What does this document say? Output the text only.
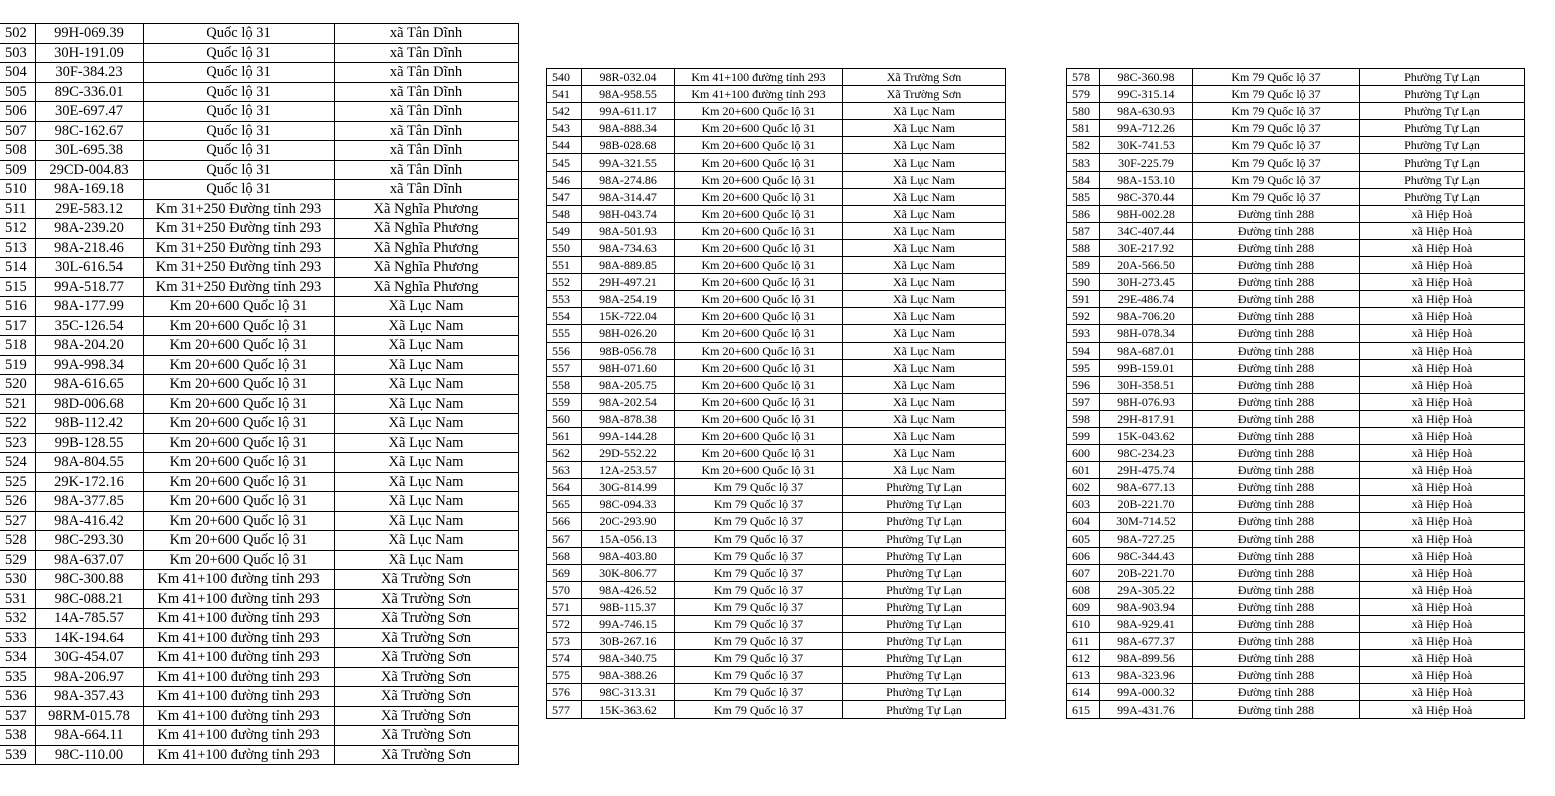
502	99H-069.39	Quốc lộ 31	xã Tân Dĩnh
503	30H-191.09	Quốc lộ 31	xã Tân Dĩnh
504	30F-384.23	Quốc lộ 31	xã Tân Dĩnh
505	89C-336.01	Quốc lộ 31	xã Tân Dĩnh
506	30E-697.47	Quốc lộ 31	xã Tân Dĩnh
507	98C-162.67	Quốc lộ 31	xã Tân Dĩnh
508	30L-695.38	Quốc lộ 31	xã Tân Dĩnh
509	29CD-004.83	Quốc lộ 31	xã Tân Dĩnh
510	98A-169.18	Quốc lộ 31	xã Tân Dĩnh
511	29E-583.12	Km 31+250 Đường tỉnh 293	Xã Nghĩa Phương
512	98A-239.20	Km 31+250 Đường tỉnh 293	Xã Nghĩa Phương
513	98A-218.46	Km 31+250 Đường tỉnh 293	Xã Nghĩa Phương
514	30L-616.54	Km 31+250 Đường tỉnh 293	Xã Nghĩa Phương
515	99A-518.77	Km 31+250 Đường tỉnh 293	Xã Nghĩa Phương
516	98A-177.99	Km 20+600 Quốc lộ 31	Xã Lục Nam
517	35C-126.54	Km 20+600 Quốc lộ 31	Xã Lục Nam
518	98A-204.20	Km 20+600 Quốc lộ 31	Xã Lục Nam
519	99A-998.34	Km 20+600 Quốc lộ 31	Xã Lục Nam
520	98A-616.65	Km 20+600 Quốc lộ 31	Xã Lục Nam
521	98D-006.68	Km 20+600 Quốc lộ 31	Xã Lục Nam
522	98B-112.42	Km 20+600 Quốc lộ 31	Xã Lục Nam
523	99B-128.55	Km 20+600 Quốc lộ 31	Xã Lục Nam
524	98A-804.55	Km 20+600 Quốc lộ 31	Xã Lục Nam
525	29K-172.16	Km 20+600 Quốc lộ 31	Xã Lục Nam
526	98A-377.85	Km 20+600 Quốc lộ 31	Xã Lục Nam
527	98A-416.42	Km 20+600 Quốc lộ 31	Xã Lục Nam
528	98C-293.30	Km 20+600 Quốc lộ 31	Xã Lục Nam
529	98A-637.07	Km 20+600 Quốc lộ 31	Xã Lục Nam
530	98C-300.88	Km 41+100 đường tỉnh 293	Xã Trường Sơn
531	98C-088.21	Km 41+100 đường tỉnh 293	Xã Trường Sơn
532	14A-785.57	Km 41+100 đường tỉnh 293	Xã Trường Sơn
533	14K-194.64	Km 41+100 đường tỉnh 293	Xã Trường Sơn
534	30G-454.07	Km 41+100 đường tỉnh 293	Xã Trường Sơn
535	98A-206.97	Km 41+100 đường tỉnh 293	Xã Trường Sơn
536	98A-357.43	Km 41+100 đường tỉnh 293	Xã Trường Sơn
537	98RM-015.78	Km 41+100 đường tỉnh 293	Xã Trường Sơn
538	98A-664.11	Km 41+100 đường tỉnh 293	Xã Trường Sơn
539	98C-110.00	Km 41+100 đường tỉnh 293	Xã Trường Sơn
540	98R-032.04	Km 41+100 đường tỉnh 293	Xã Trường Sơn
541	98A-958.55	Km 41+100 đường tỉnh 293	Xã Trường Sơn
542	99A-611.17	Km 20+600 Quốc lộ 31	Xã Lục Nam
543	98A-888.34	Km 20+600 Quốc lộ 31	Xã Lục Nam
544	98B-028.68	Km 20+600 Quốc lộ 31	Xã Lục Nam
545	99A-321.55	Km 20+600 Quốc lộ 31	Xã Lục Nam
546	98A-274.86	Km 20+600 Quốc lộ 31	Xã Lục Nam
547	98A-314.47	Km 20+600 Quốc lộ 31	Xã Lục Nam
548	98H-043.74	Km 20+600 Quốc lộ 31	Xã Lục Nam
549	98A-501.93	Km 20+600 Quốc lộ 31	Xã Lục Nam
550	98A-734.63	Km 20+600 Quốc lộ 31	Xã Lục Nam
551	98A-889.85	Km 20+600 Quốc lộ 31	Xã Lục Nam
552	29H-497.21	Km 20+600 Quốc lộ 31	Xã Lục Nam
553	98A-254.19	Km 20+600 Quốc lộ 31	Xã Lục Nam
554	15K-722.04	Km 20+600 Quốc lộ 31	Xã Lục Nam
555	98H-026.20	Km 20+600 Quốc lộ 31	Xã Lục Nam
556	98B-056.78	Km 20+600 Quốc lộ 31	Xã Lục Nam
557	98H-071.60	Km 20+600 Quốc lộ 31	Xã Lục Nam
558	98A-205.75	Km 20+600 Quốc lộ 31	Xã Lục Nam
559	98A-202.54	Km 20+600 Quốc lộ 31	Xã Lục Nam
560	98A-878.38	Km 20+600 Quốc lộ 31	Xã Lục Nam
561	99A-144.28	Km 20+600 Quốc lộ 31	Xã Lục Nam
562	29D-552.22	Km 20+600 Quốc lộ 31	Xã Lục Nam
563	12A-253.57	Km 20+600 Quốc lộ 31	Xã Lục Nam
564	30G-814.99	Km 79 Quốc lộ 37	Phường Tự Lạn
565	98C-094.33	Km 79 Quốc lộ 37	Phường Tự Lạn
566	20C-293.90	Km 79 Quốc lộ 37	Phường Tự Lạn
567	15A-056.13	Km 79 Quốc lộ 37	Phường Tự Lạn
568	98A-403.80	Km 79 Quốc lộ 37	Phường Tự Lạn
569	30K-806.77	Km 79 Quốc lộ 37	Phường Tự Lạn
570	98A-426.52	Km 79 Quốc lộ 37	Phường Tự Lạn
571	98B-115.37	Km 79 Quốc lộ 37	Phường Tự Lạn
572	99A-746.15	Km 79 Quốc lộ 37	Phường Tự Lạn
573	30B-267.16	Km 79 Quốc lộ 37	Phường Tự Lạn
574	98A-340.75	Km 79 Quốc lộ 37	Phường Tự Lạn
575	98A-388.26	Km 79 Quốc lộ 37	Phường Tự Lạn
576	98C-313.31	Km 79 Quốc lộ 37	Phường Tự Lạn
577	15K-363.62	Km 79 Quốc lộ 37	Phường Tự Lạn
578	98C-360.98	Km 79 Quốc lộ 37	Phường Tự Lạn
579	99C-315.14	Km 79 Quốc lộ 37	Phường Tự Lạn
580	98A-630.93	Km 79 Quốc lộ 37	Phường Tự Lạn
581	99A-712.26	Km 79 Quốc lộ 37	Phường Tự Lạn
582	30K-741.53	Km 79 Quốc lộ 37	Phường Tự Lạn
583	30F-225.79	Km 79 Quốc lộ 37	Phường Tự Lạn
584	98A-153.10	Km 79 Quốc lộ 37	Phường Tự Lạn
585	98C-370.44	Km 79 Quốc lộ 37	Phường Tự Lạn
586	98H-002.28	Đường tỉnh 288	xã Hiệp Hoà
587	34C-407.44	Đường tỉnh 288	xã Hiệp Hoà
588	30E-217.92	Đường tỉnh 288	xã Hiệp Hoà
589	20A-566.50	Đường tỉnh 288	xã Hiệp Hoà
590	30H-273.45	Đường tỉnh 288	xã Hiệp Hoà
591	29E-486.74	Đường tỉnh 288	xã Hiệp Hoà
592	98A-706.20	Đường tỉnh 288	xã Hiệp Hoà
593	98H-078.34	Đường tỉnh 288	xã Hiệp Hoà
594	98A-687.01	Đường tỉnh 288	xã Hiệp Hoà
595	99B-159.01	Đường tỉnh 288	xã Hiệp Hoà
596	30H-358.51	Đường tỉnh 288	xã Hiệp Hoà
597	98H-076.93	Đường tỉnh 288	xã Hiệp Hoà
598	29H-817.91	Đường tỉnh 288	xã Hiệp Hoà
599	15K-043.62	Đường tỉnh 288	xã Hiệp Hoà
600	98C-234.23	Đường tỉnh 288	xã Hiệp Hoà
601	29H-475.74	Đường tỉnh 288	xã Hiệp Hoà
602	98A-677.13	Đường tỉnh 288	xã Hiệp Hoà
603	20B-221.70	Đường tỉnh 288	xã Hiệp Hoà
604	30M-714.52	Đường tỉnh 288	xã Hiệp Hoà
605	98A-727.25	Đường tỉnh 288	xã Hiệp Hoà
606	98C-344.43	Đường tỉnh 288	xã Hiệp Hoà
607	20B-221.70	Đường tỉnh 288	xã Hiệp Hoà
608	29A-305.22	Đường tỉnh 288	xã Hiệp Hoà
609	98A-903.94	Đường tỉnh 288	xã Hiệp Hoà
610	98A-929.41	Đường tỉnh 288	xã Hiệp Hoà
611	98A-677.37	Đường tỉnh 288	xã Hiệp Hoà
612	98A-899.56	Đường tỉnh 288	xã Hiệp Hoà
613	98A-323.96	Đường tỉnh 288	xã Hiệp Hoà
614	99A-000.32	Đường tỉnh 288	xã Hiệp Hoà
615	99A-431.76	Đường tỉnh 288	xã Hiệp Hoà
